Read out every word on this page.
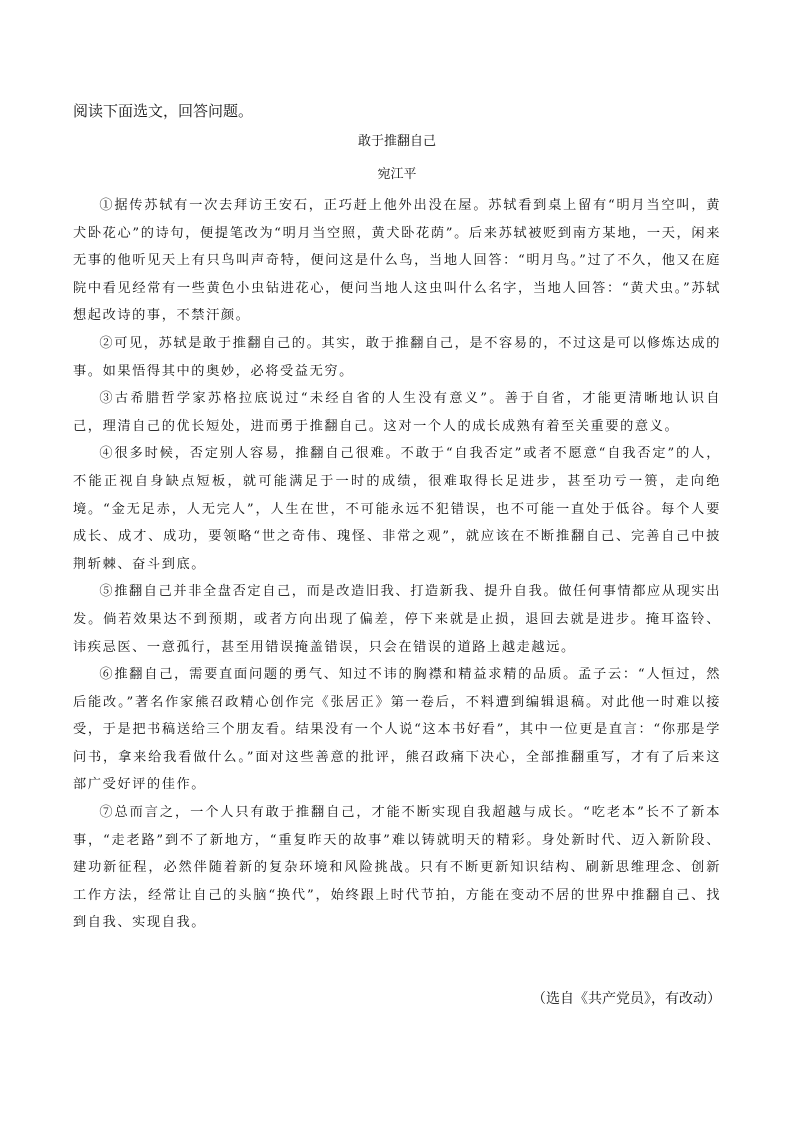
阅读下面选文，回答问题。
敢于推翻自己
宛江平

①据传苏轼有一次去拜访王安石，正巧赶上他外出没在屋。苏轼看到桌上留有“明月当空叫，黄犬卧花心”的诗句，便提笔改为“明月当空照，黄犬卧花荫”。后来苏轼被贬到南方某地，一天，闲来无事的他听见天上有只鸟叫声奇特，便问这是什么鸟，当地人回答：“明月鸟。”过了不久，他又在庭院中看见经常有一些黄色小虫钻进花心，便问当地人这虫叫什么名字，当地人回答：“黄犬虫。”苏轼想起改诗的事，不禁汗颜。

②可见，苏轼是敢于推翻自己的。其实，敢于推翻自己，是不容易的，不过这是可以修炼达成的事。如果悟得其中的奥妙，必将受益无穷。

③古希腊哲学家苏格拉底说过“未经自省的人生没有意义”。善于自省，才能更清晰地认识自己，理清自己的优长短处，进而勇于推翻自己。这对一个人的成长成熟有着至关重要的意义。

④很多时候，否定别人容易，推翻自己很难。不敢于“自我否定”或者不愿意“自我否定”的人，不能正视自身缺点短板，就可能满足于一时的成绩，很难取得长足进步，甚至功亏一篑，走向绝境。“金无足赤，人无完人”，人生在世，不可能永远不犯错误，也不可能一直处于低谷。每个人要成长、成才、成功，要领略“世之奇伟、瑰怪、非常之观”，就应该在不断推翻自己、完善自己中披荆斩棘、奋斗到底。

⑤推翻自己并非全盘否定自己，而是改造旧我、打造新我、提升自我。做任何事情都应从现实出发。倘若效果达不到预期，或者方向出现了偏差，停下来就是止损，退回去就是进步。掩耳盗铃、讳疾忌医、一意孤行，甚至用错误掩盖错误，只会在错误的道路上越走越远。

⑥推翻自己，需要直面问题的勇气、知过不讳的胸襟和精益求精的品质。孟子云：“人恒过，然后能改。”著名作家熊召政精心创作完《张居正》第一卷后，不料遭到编辑退稿。对此他一时难以接受，于是把书稿送给三个朋友看。结果没有一个人说“这本书好看”，其中一位更是直言：“你那是学问书，拿来给我看做什么。”面对这些善意的批评，熊召政痛下决心，全部推翻重写，才有了后来这部广受好评的佳作。

⑦总而言之，一个人只有敢于推翻自己，才能不断实现自我超越与成长。“吃老本”长不了新本事，“走老路”到不了新地方，“重复昨天的故事”难以铸就明天的精彩。身处新时代、迈入新阶段、建功新征程，必然伴随着新的复杂环境和风险挑战。只有不断更新知识结构、刷新思维理念、创新工作方法，经常让自己的头脑“换代”，始终跟上时代节拍，方能在变动不居的世界中推翻自己、找到自我、实现自我。

（选自《共产党员》，有改动）
